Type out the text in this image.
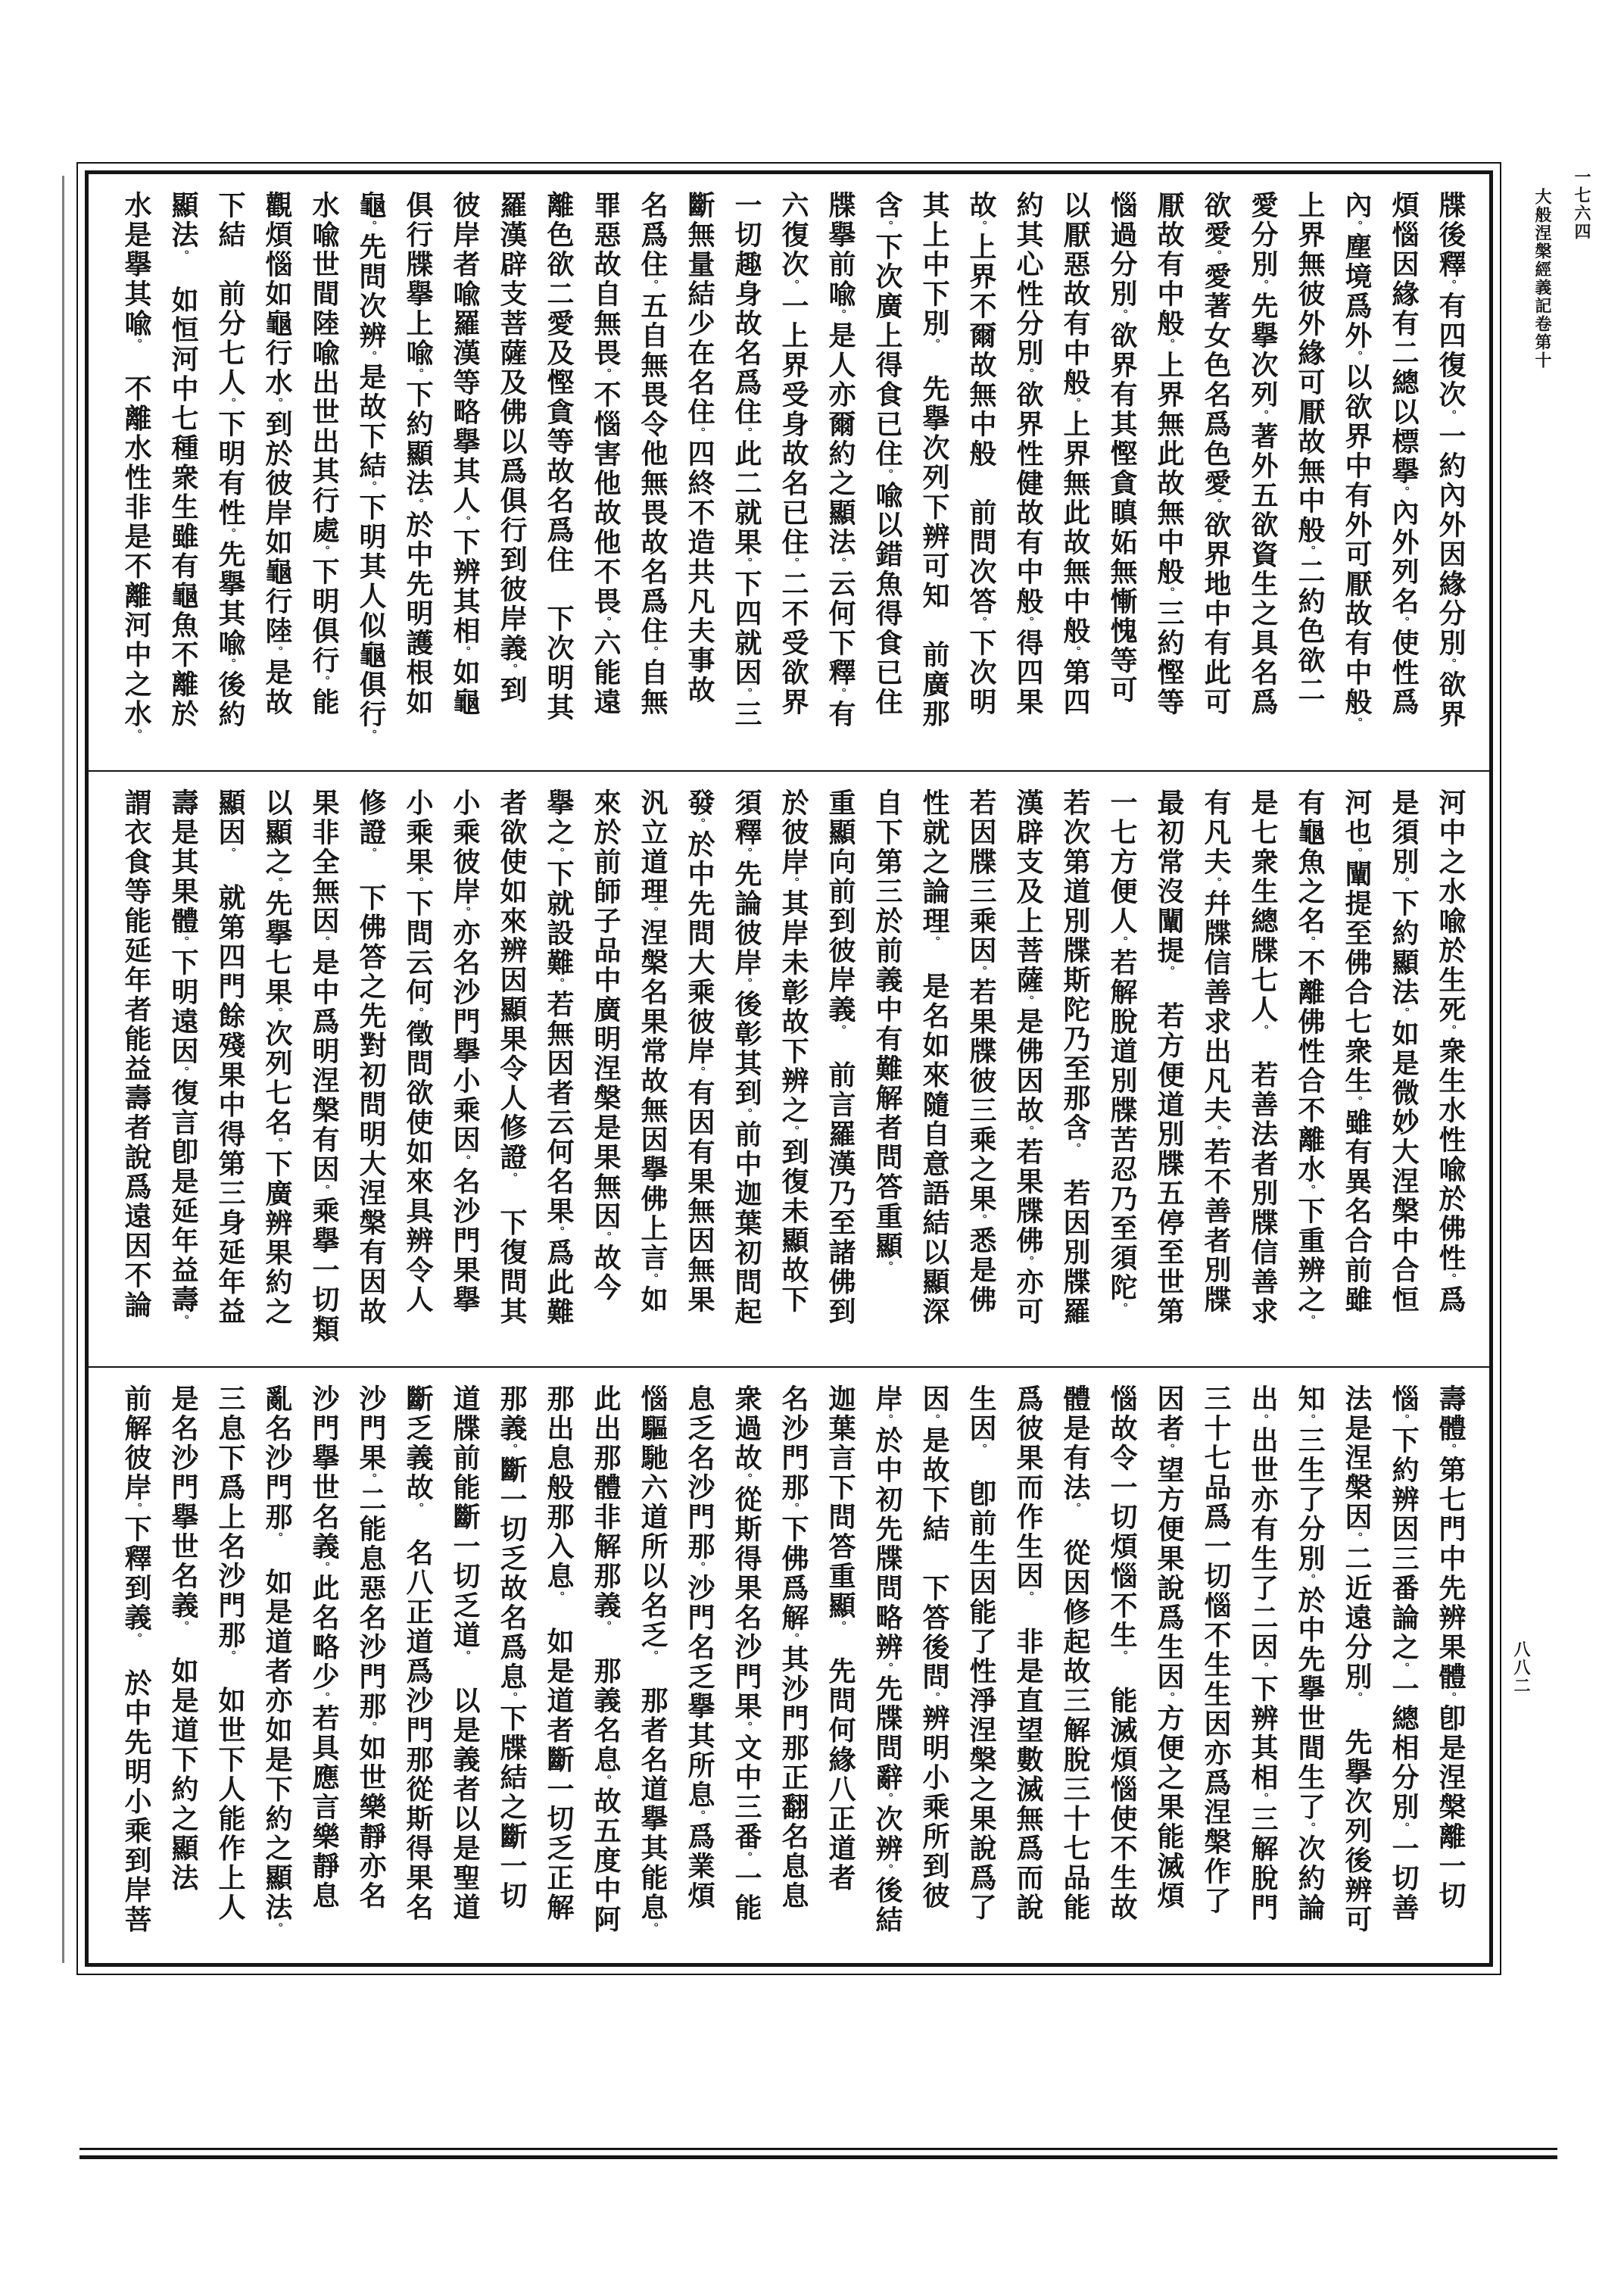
一七六四

大般涅槃經義記卷第十

八八二

牒後釋。有四復次。一約內外因緣分別。欲界

煩惱因緣有二總以標擧。內外列名。使性爲

內。塵境爲外。以欲界中有外可厭故有中般。

上界無彼外緣可厭故無中般。二約色欲二

愛分別。先擧次列。著外五欲資生之具名爲

欲愛。愛著女色名爲色愛。欲界地中有此可

厭故有中般。上界無此故無中般。三約慳等

惱過分別。欲界有其慳貪瞋妬無慚愧等可

以厭惡故有中般。上界無此故無中般。第四

約其心性分別。欲界性健故有中般。得四果

故。上界不爾故無中般　前問次答。下次明

其上中下別。　先擧次列下辨可知　前廣那

含。下次廣上得食已住。喩以錯魚得食已住

牒擧前喩。是人亦爾約之顯法。云何下釋。有

六復次。一上界受身故名已住。二不受欲界

一切趣身故名爲住。此二就果。下四就因。三

斷無量結少在名住。四終不造共凡夫事故

名爲住。五自無畏令他無畏故名爲住。自無

罪惡故自無畏。不惱害他故他不畏。六能遠

離色欲二愛及慳貪等故名爲住　下次明其

羅漢辟支菩薩及佛以爲俱行到彼岸義。到

彼岸者喩羅漢等略擧其人。下辨其相。如龜

俱行牒擧上喩。下約顯法。於中先明護根如

龜。先問次辨。是故下結。下明其人似龜俱行。

水喩世間陸喩出世出其行處。下明俱行。能

觀煩惱如龜行水。到於彼岸如龜行陸。是故

下結　前分七人。下明有性。先擧其喩。後約

顯法。　如恒河中七種衆生雖有龜魚不離於

水是擧其喩。　不離水性非是不離河中之水。

河中之水喩於生死。衆生水性喩於佛性。爲

是須別。下約顯法。如是微妙大涅槃中合恒

河也。闡提至佛合七衆生。雖有異名合前雖

有龜魚之名。不離佛性合不離水。下重辨之。

是七衆生總牒七人。　若善法者別牒信善求

有凡夫。幷牒信善求出凡夫。若不善者別牒

最初常沒闡提。　若方便道別牒五停至世第

一七方便人。若解脫道別牒苦忍乃至須陀。

若次第道別牒斯陀乃至那含。　若因別牒羅

漢辟支及上菩薩。是佛因故。若果牒佛。亦可

若因牒三乘因。若果牒彼三乘之果。悉是佛

性就之論理。　是名如來隨自意語結以顯深

自下第三於前義中有難解者問答重顯。

重顯向前到彼岸義。　前言羅漢乃至諸佛到

於彼岸。其岸未彰故下辨之。到復未顯故下

須釋。先論彼岸。後彰其到。前中迦葉初問起

發。於中先問大乘彼岸。有因有果無因無果

汎立道理。涅槃名果常故無因擧佛上言。如

來於前師子品中廣明涅槃是果無因。故今

擧之。下就設難。若無因者云何名果。爲此難

者欲使如來辨因顯果令人修證。　下復問其

小乘彼岸。亦名沙門擧小乘因。名沙門果擧

小乘果。下問云何。徵問欲使如來具辨令人

修證。　下佛答之先對初問明大涅槃有因故

果非全無因。是中爲明涅槃有因。乘擧一切類

以顯之。先擧七果。次列七名。下廣辨果約之

顯因。　就第四門餘殘果中得第三身延年益

壽是其果體。下明遠因。復言卽是延年益壽。

謂衣食等能延年者能益壽者說爲遠因不論

壽體。第七門中先辨果體。卽是涅槃離一切

惱。下約辨因三番論之。一總相分別。一切善

法是涅槃因。二近遠分別。　先擧次列後辨可

知。三生了分別。於中先擧世間生了。次約論

出。出世亦有生了二因。下辨其相。三解脫門

三十七品爲一切惱不生生因亦爲涅槃作了

因者。望方便果說爲生因。方便之果能滅煩

惱故令一切煩惱不生。　能滅煩惱使不生故

體是有法。　從因修起故三解脫三十七品能

爲彼果而作生因。　非是直望數滅無爲而說

生因。　卽前生因能了性淨涅槃之果說爲了

因。是故下結　下答後問。辨明小乘所到彼

岸。於中初先牒問略辨。先牒問辭。次辨。後結

迦葉言下問答重顯。　先問何緣八正道者

名沙門那。下佛爲解。其沙門那正翻名息息

衆過故。從斯得果名沙門果。文中三番。一能

息乏名沙門那。沙門名乏擧其所息。爲業煩

惱驅馳六道所以名乏。　那者名道擧其能息。

此出那體非解那義。　那義名息。故五度中阿

那出息般那入息。　如是道者斷一切乏正解

那義。斷一切乏故名爲息。下牒結之斷一切

道牒前能斷一切乏道。　以是義者以是聖道

斷乏義故。　名八正道爲沙門那從斯得果名

沙門果。二能息惡名沙門那。如世樂靜亦名

沙門擧世名義。此名略少。若具應言樂靜息

亂名沙門那。　如是道者亦如是下約之顯法。

三息下爲上名沙門那。　如世下人能作上人

是名沙門擧世名義。　如是道下約之顯法

前解彼岸。下釋到義。　於中先明小乘到岸菩
